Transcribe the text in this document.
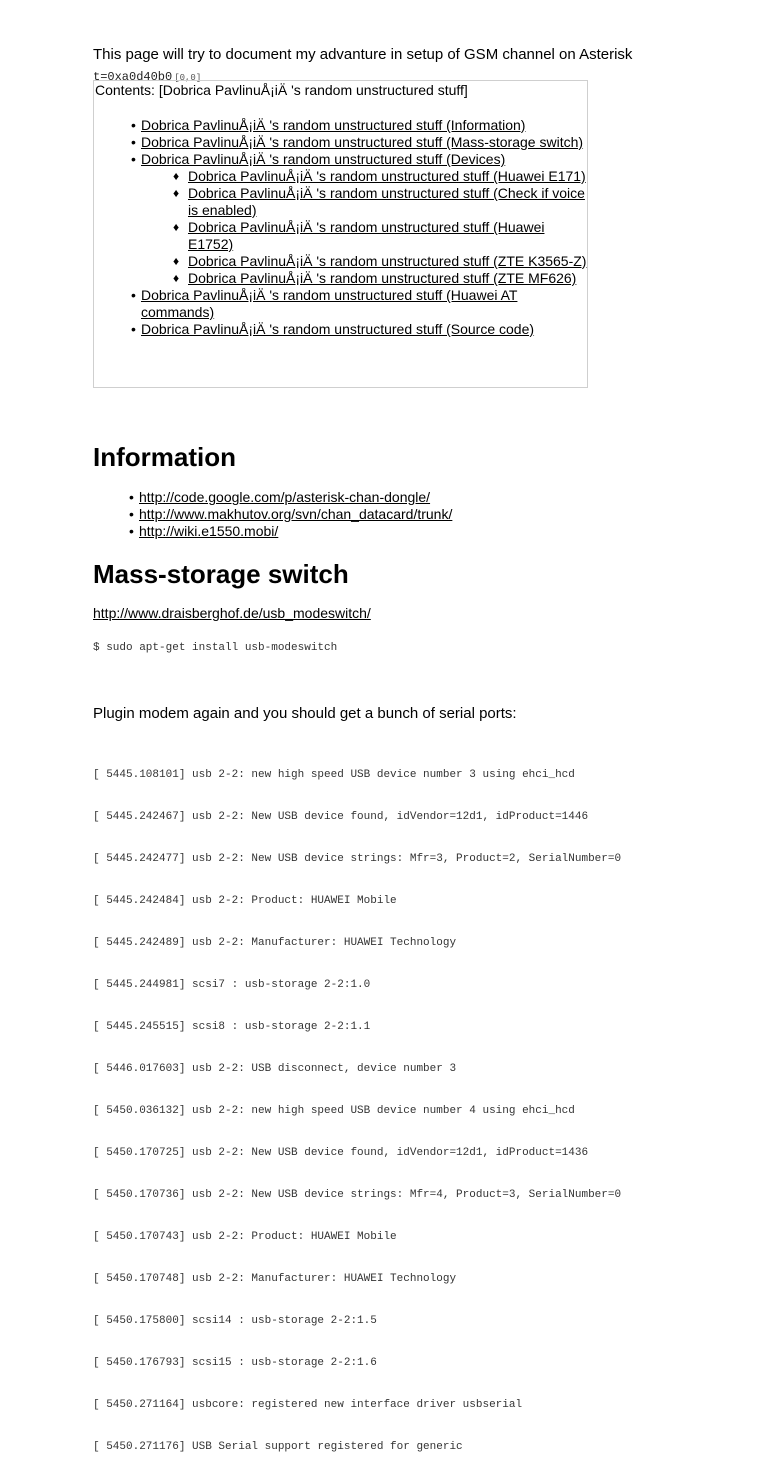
This page will try to document my advanture in setup of GSM channel on Asterisk
t=0xa0d40b0 [0,0]
Contents: [Dobrica PavlinuÅ¡iÄ 's random unstructured stuff]
• Dobrica PavlinuÅ¡iÄ 's random unstructured stuff (Information)
• Dobrica PavlinuÅ¡iÄ 's random unstructured stuff (Mass-storage switch)
• Dobrica PavlinuÅ¡iÄ 's random unstructured stuff (Devices)
♦ Dobrica PavlinuÅ¡iÄ 's random unstructured stuff (Huawei E171)
♦ Dobrica PavlinuÅ¡iÄ 's random unstructured stuff (Check if voice is enabled)
♦ Dobrica PavlinuÅ¡iÄ 's random unstructured stuff (Huawei E1752)
♦ Dobrica PavlinuÅ¡iÄ 's random unstructured stuff (ZTE K3565-Z)
♦ Dobrica PavlinuÅ¡iÄ 's random unstructured stuff (ZTE MF626)
• Dobrica PavlinuÅ¡iÄ 's random unstructured stuff (Huawei AT commands)
• Dobrica PavlinuÅ¡iÄ 's random unstructured stuff (Source code)
Information
• http://code.google.com/p/asterisk-chan-dongle/
• http://www.makhutov.org/svn/chan_datacard/trunk/
• http://wiki.e1550.mobi/
Mass-storage switch
http://www.draisberghof.de/usb_modeswitch/
$ sudo apt-get install usb-modeswitch
Plugin modem again and you should get a bunch of serial ports:

[ 5445.108101] usb 2-2: new high speed USB device number 3 using ehci_hcd

[ 5445.242467] usb 2-2: New USB device found, idVendor=12d1, idProduct=1446

[ 5445.242477] usb 2-2: New USB device strings: Mfr=3, Product=2, SerialNumber=0

[ 5445.242484] usb 2-2: Product: HUAWEI Mobile

[ 5445.242489] usb 2-2: Manufacturer: HUAWEI Technology

[ 5445.244981] scsi7 : usb-storage 2-2:1.0

[ 5445.245515] scsi8 : usb-storage 2-2:1.1

[ 5446.017603] usb 2-2: USB disconnect, device number 3

[ 5450.036132] usb 2-2: new high speed USB device number 4 using ehci_hcd

[ 5450.170725] usb 2-2: New USB device found, idVendor=12d1, idProduct=1436

[ 5450.170736] usb 2-2: New USB device strings: Mfr=4, Product=3, SerialNumber=0

[ 5450.170743] usb 2-2: Product: HUAWEI Mobile

[ 5450.170748] usb 2-2: Manufacturer: HUAWEI Technology

[ 5450.175800] scsi14 : usb-storage 2-2:1.5

[ 5450.176793] scsi15 : usb-storage 2-2:1.6

[ 5450.271164] usbcore: registered new interface driver usbserial

[ 5450.271176] USB Serial support registered for generic
